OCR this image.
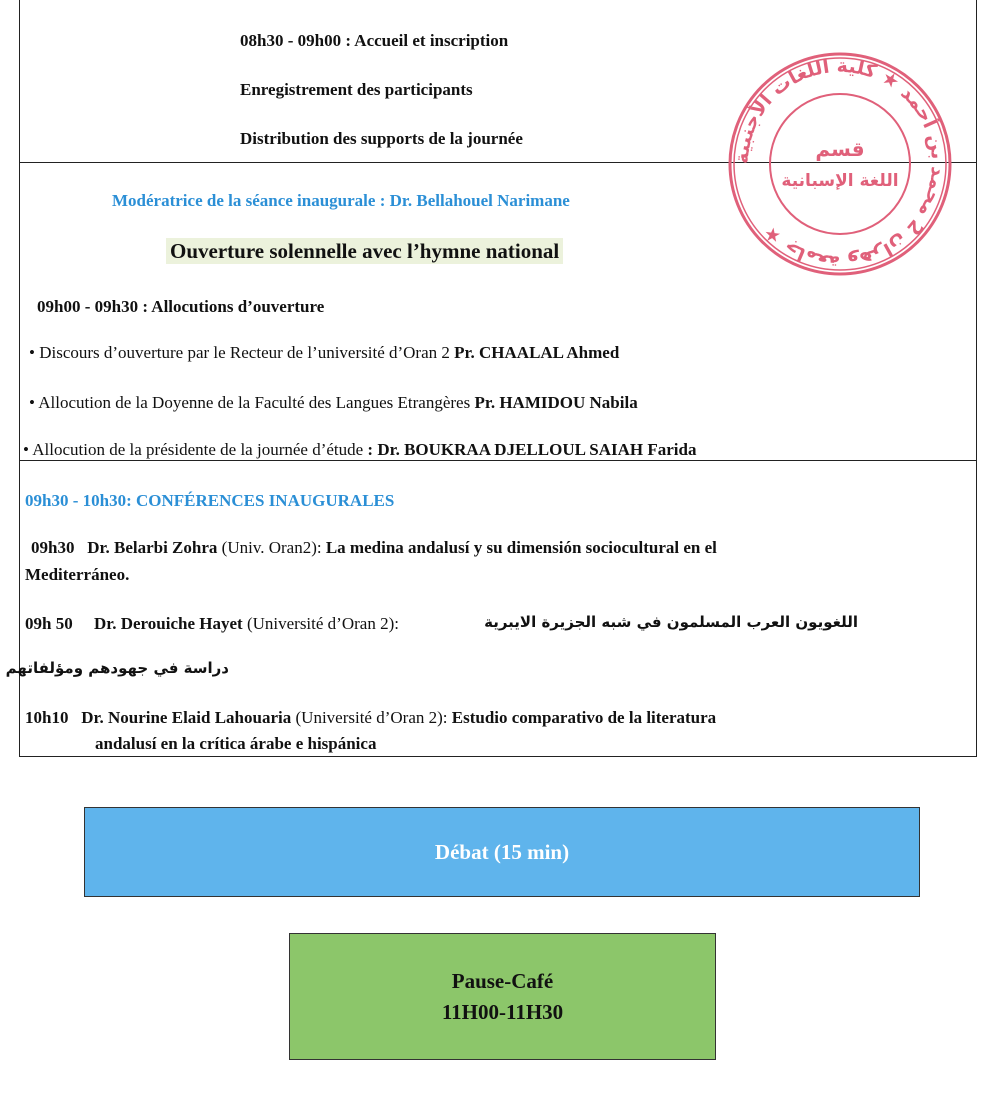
08h30 - 09h00 : Accueil et inscription
Enregistrement des participants
Distribution des supports de la journée
Modératrice de la séance inaugurale : Dr. Bellahouel Narimane
Ouverture solennelle avec l’hymne national
09h00 - 09h30 : Allocutions d’ouverture
• Discours d’ouverture par le Recteur de l’université d’Oran 2 Pr. CHAALAL Ahmed
• Allocution de la Doyenne de la Faculté des Langues Etrangères Pr. HAMIDOU Nabila
• Allocution de la présidente de la journée d’étude : Dr. BOUKRAA DJELLOUL SAIAH Farida
09h30 - 10h30: CONFÉRENCES INAUGURALES
09h30 Dr. Belarbi Zohra (Univ. Oran2): La medina andalusí y su dimensión sociocultural en el
Mediterráneo.
09h 50 Dr. Derouiche Hayet (Université d’Oran 2):	اللغويون العرب المسلمون في شبه الجزيرة الايبرية
دراسة في جهودهم ومؤلفاتهم
10h10 Dr. Nourine Elaid Lahouaria (Université d’Oran 2): Estudio comparativo de la literatura
andalusí en la crítica árabe e hispánica
جامعة وهران 2 محمد بن أحمد ★ كلية اللغات الأجنبية ★
قسم
اللغة الإسبانية
Débat (15 min)
Pause-Café
11H00-11H30
